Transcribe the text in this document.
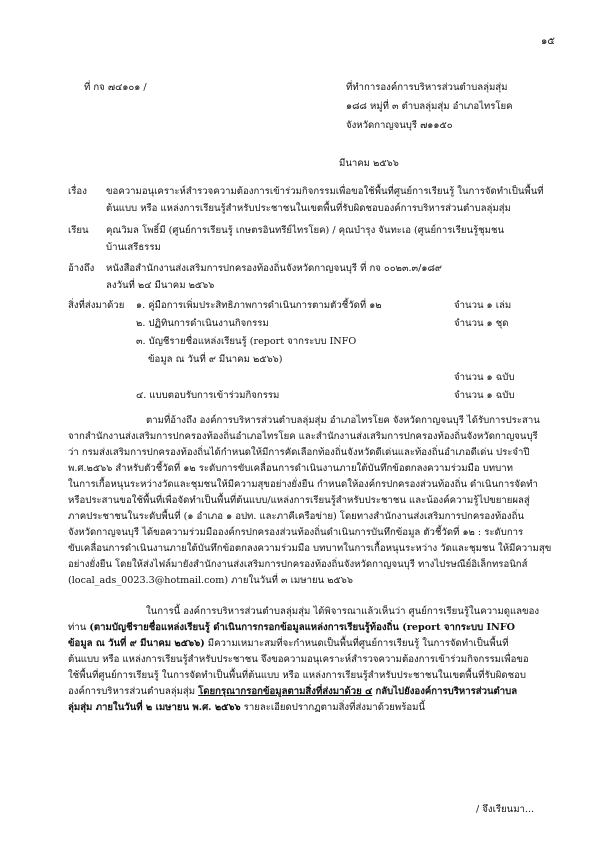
๑๕
ที่ กจ ๗๔๑๐๑ /	ที่ทำการองค์การบริหารส่วนตำบลลุ่มสุ่ม
๑๘๘ หมู่ที่ ๓ ตำบลลุ่มสุ่ม อำเภอไทรโยค
จังหวัดกาญจนบุรี ๗๑๑๕๐
มีนาคม ๒๕๖๖
เรื่อง ขอความอนุเคราะห์สำรวจความต้องการเข้าร่วมกิจกรรมเพื่อขอใช้พื้นที่ศูนย์การเรียนรู้ ในการจัดทำเป็นพื้นที่
ต้นแบบ หรือ แหล่งการเรียนรู้สำหรับประชาชนในเขตพื้นที่รับผิดชอบองค์การบริหารส่วนตำบลลุ่มสุ่ม
เรียน คุณวิมล โพธิ์มี (ศูนย์การเรียนรู้ เกษตรอินทรีย์ไทรโยค) / คุณบำรุง จันทะเอ (ศูนย์การเรียนรู้ชุมชน
บ้านเสรีธรรม
อ้างถึง หนังสือสำนักงานส่งเสริมการปกครองท้องถิ่นจังหวัดกาญจนบุรี ที่ กจ ๐๐๒๓.๓/๑๘๙
ลงวันที่ ๒๔ มีนาคม ๒๕๖๖
สิ่งที่ส่งมาด้วย ๑. คู่มือการเพิ่มประสิทธิภาพการดำเนินการตามตัวชี้วัดที่ ๑๒	จำนวน ๑ เล่ม
๒. ปฏิทินการดำเนินงานกิจกรรม	จำนวน ๑ ชุด
๓. บัญชีรายชื่อแหล่งเรียนรู้ (report จากระบบ INFO
ข้อมูล ณ วันที่ ๙ มีนาคม ๒๕๖๖)
จำนวน ๑ ฉบับ
๔. แบบตอบรับการเข้าร่วมกิจกรรม	จำนวน ๑ ฉบับ
ตามที่อ้างถึง องค์การบริหารส่วนตำบลลุ่มสุ่ม อำเภอไทรโยค จังหวัดกาญจนบุรี ได้รับการประสาน
จากสำนักงานส่งเสริมการปกครองท้องถิ่นอำเภอไทรโยค และสำนักงานส่งเสริมการปกครองท้องถิ่นจังหวัดกาญจนบุรี
ว่า กรมส่งเสริมการปกครองท้องถิ่นได้กำหนดให้มีการคัดเลือกท้องถิ่นจังหวัดดีเด่นและท้องถิ่นอำเภอดีเด่น ประจำปี
พ.ศ.๒๕๖๖ สำหรับตัวชี้วัดที่ ๑๒ ระดับการขับเคลื่อนการดำเนินงานภายใต้บันทึกข้อตกลงความร่วมมือ บทบาท
ในการเกื้อหนุนระหว่างวัดและชุมชนให้มีความสุขอย่างยั่งยืน กำหนดให้องค์กรปกครองส่วนท้องถิ่น ดำเนินการจัดทำ
หรือประสานขอใช้พื้นที่เพื่อจัดทำเป็นพื้นที่ต้นแบบ/แหล่งการเรียนรู้สำหรับประชาชน และน้องค์ความรู้ไปขยายผลสู่
ภาคประชาชนในระดับพื้นที่ (๑ อำเภอ ๑ อปท. และภาคีเครือข่าย) โดยทางสำนักงานส่งเสริมการปกครองท้องถิ่น
จังหวัดกาญจนบุรี ได้ขอความร่วมมือองค์กรปกครองส่วนท้องถิ่นดำเนินการบันทึกข้อมูล ตัวชี้วัดที่ ๑๒ : ระดับการ
ขับเคลื่อนการดำเนินงานภายใต้บันทึกข้อตกลงความร่วมมือ บทบาทในการเกื้อหนุนระหว่าง วัดและชุมชน ให้มีความสุข
อย่างยั่งยืน โดยให้ส่งไฟล์มายังสำนักงานส่งเสริมการปกครองท้องถิ่นจังหวัดกาญจนบุรี ทางไปรษณีย์อิเล็กทรอนิกส์
(local_ads_0023.3@hotmail.com) ภายในวันที่ ๓ เมษายน ๒๕๖๖
ในการนี้ องค์การบริหารส่วนตำบลลุ่มสุ่ม ได้พิจารณาแล้วเห็นว่า ศูนย์การเรียนรู้ในความดูแลของ
ท่าน (ตามบัญชีรายชื่อแหล่งเรียนรู้ ดำเนินการกรอกข้อมูลแหล่งการเรียนรู้ท้องถิ่น (report จากระบบ INFO
ข้อมูล ณ วันที่ ๙ มีนาคม ๒๕๖๖) มีความเหมาะสมที่จะกำหนดเป็นพื้นที่ศูนย์การเรียนรู้ ในการจัดทำเป็นพื้นที่
ต้นแบบ หรือ แหล่งการเรียนรู้สำหรับประชาชน จึงขอความอนุเคราะห์สำรวจความต้องการเข้าร่วมกิจกรรมเพื่อขอ
ใช้พื้นที่ศูนย์การเรียนรู้ ในการจัดทำเป็นพื้นที่ต้นแบบ หรือ แหล่งการเรียนรู้สำหรับประชาชนในเขตพื้นที่รับผิดชอบ
องค์การบริหารส่วนตำบลลุ่มสุ่ม โดยกรุณากรอกข้อมูลตามสิ่งที่ส่งมาด้วย ๔ กลับไปยังองค์การบริหารส่วนตำบล
ลุ่มสุ่ม ภายในวันที่ ๒ เมษายน พ.ศ. ๒๕๖๖ รายละเอียดปรากฏตามสิ่งที่ส่งมาด้วยพร้อมนี้
/ จึงเรียนมา...
